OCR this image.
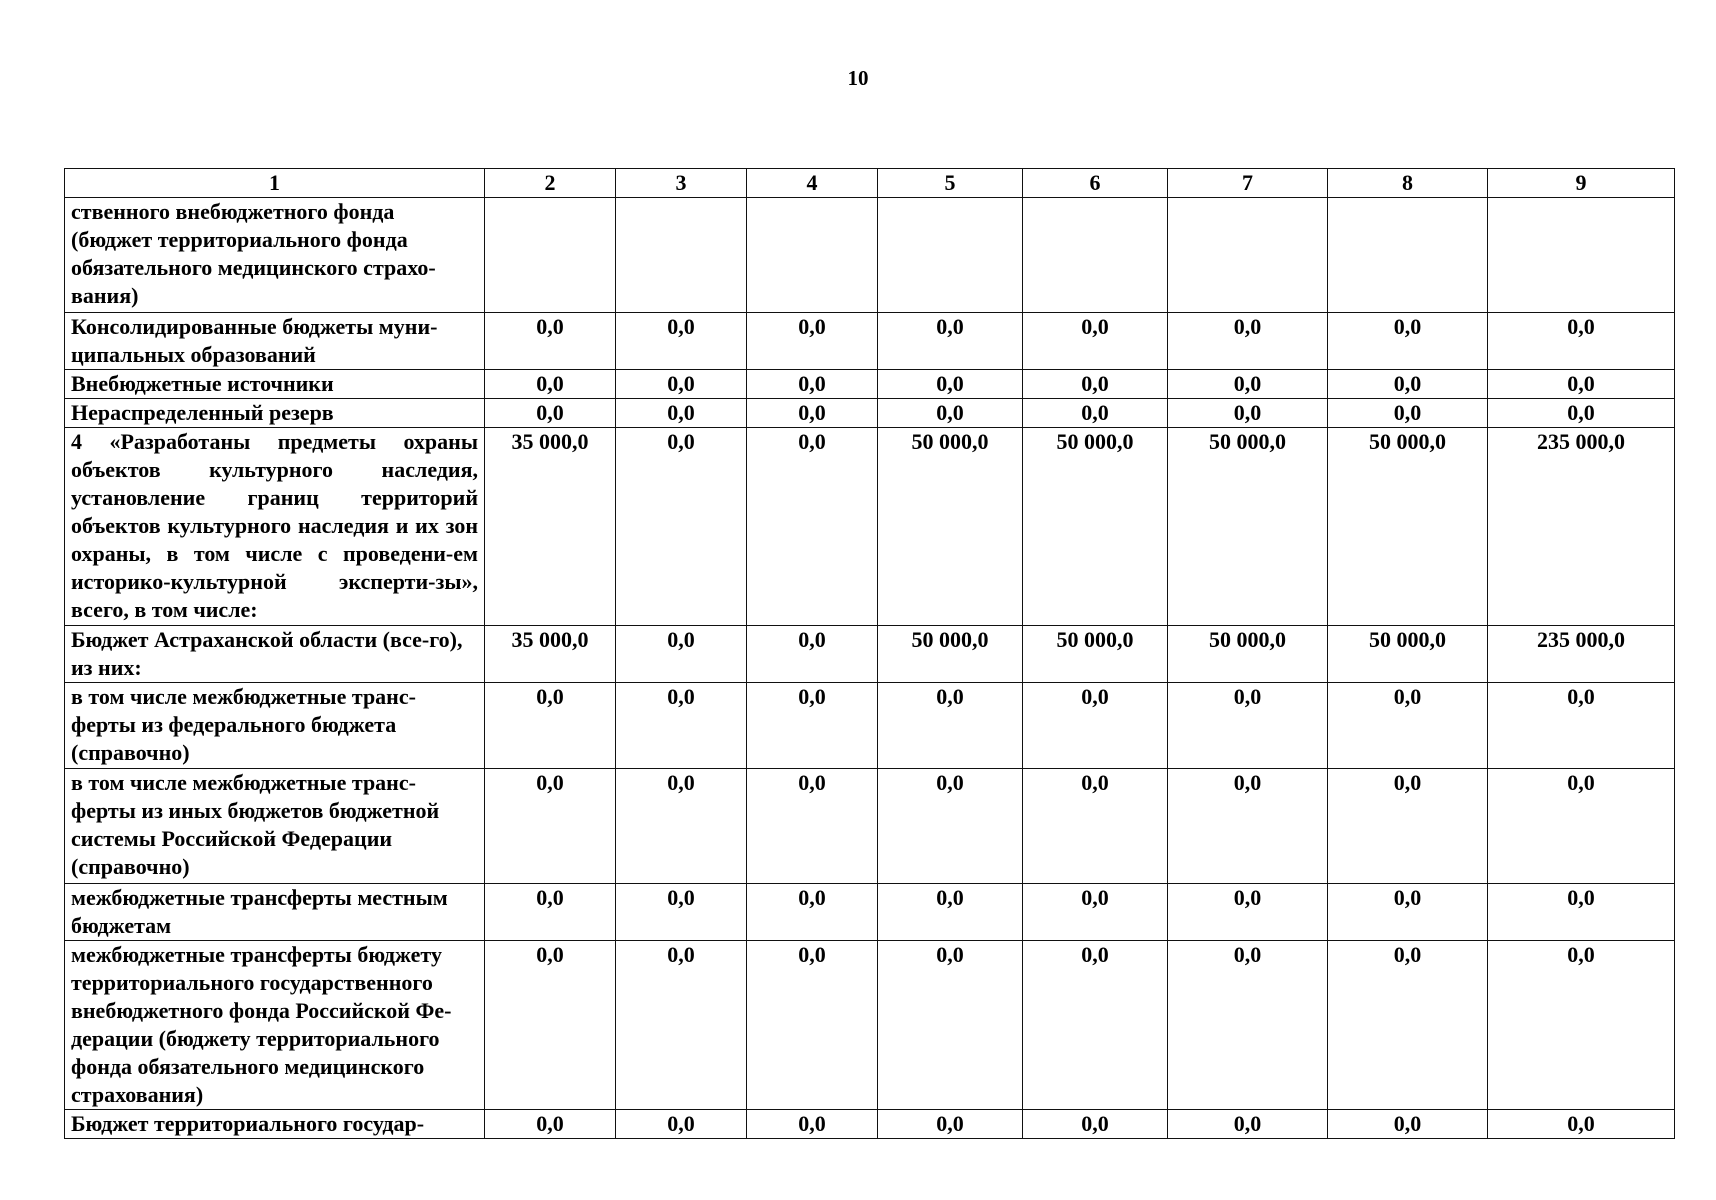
10
1	2	3	4	5	6	7	8	9
ственного внебюджетного фонда (бюджет территориального фонда обязательного медицинского страхо-вания)								
Консолидированные бюджеты муни-ципальных образований	0,0	0,0	0,0	0,0	0,0	0,0	0,0	0,0
Внебюджетные источники	0,0	0,0	0,0	0,0	0,0	0,0	0,0	0,0
Нераспределенный резерв	0,0	0,0	0,0	0,0	0,0	0,0	0,0	0,0
4 «Разработаны предметы охраны объектов культурного наследия, установление границ территорий объектов культурного наследия и их зон охраны, в том числе с проведени-ем историко-культурной эксперти-зы», всего, в том числе:	35 000,0	0,0	0,0	50 000,0	50 000,0	50 000,0	50 000,0	235 000,0
Бюджет Астраханской области (все-го), из них:	35 000,0	0,0	0,0	50 000,0	50 000,0	50 000,0	50 000,0	235 000,0
в том числе межбюджетные транс-ферты из федерального бюджета (справочно)	0,0	0,0	0,0	0,0	0,0	0,0	0,0	0,0
в том числе межбюджетные транс-ферты из иных бюджетов бюджетной системы Российской Федерации (справочно)	0,0	0,0	0,0	0,0	0,0	0,0	0,0	0,0
межбюджетные трансферты местным бюджетам	0,0	0,0	0,0	0,0	0,0	0,0	0,0	0,0
межбюджетные трансферты бюджету территориального государственного внебюджетного фонда Российской Фе-дерации (бюджету территориального фонда обязательного медицинского страхования)	0,0	0,0	0,0	0,0	0,0	0,0	0,0	0,0
Бюджет территориального государ-	0,0	0,0	0,0	0,0	0,0	0,0	0,0	0,0
